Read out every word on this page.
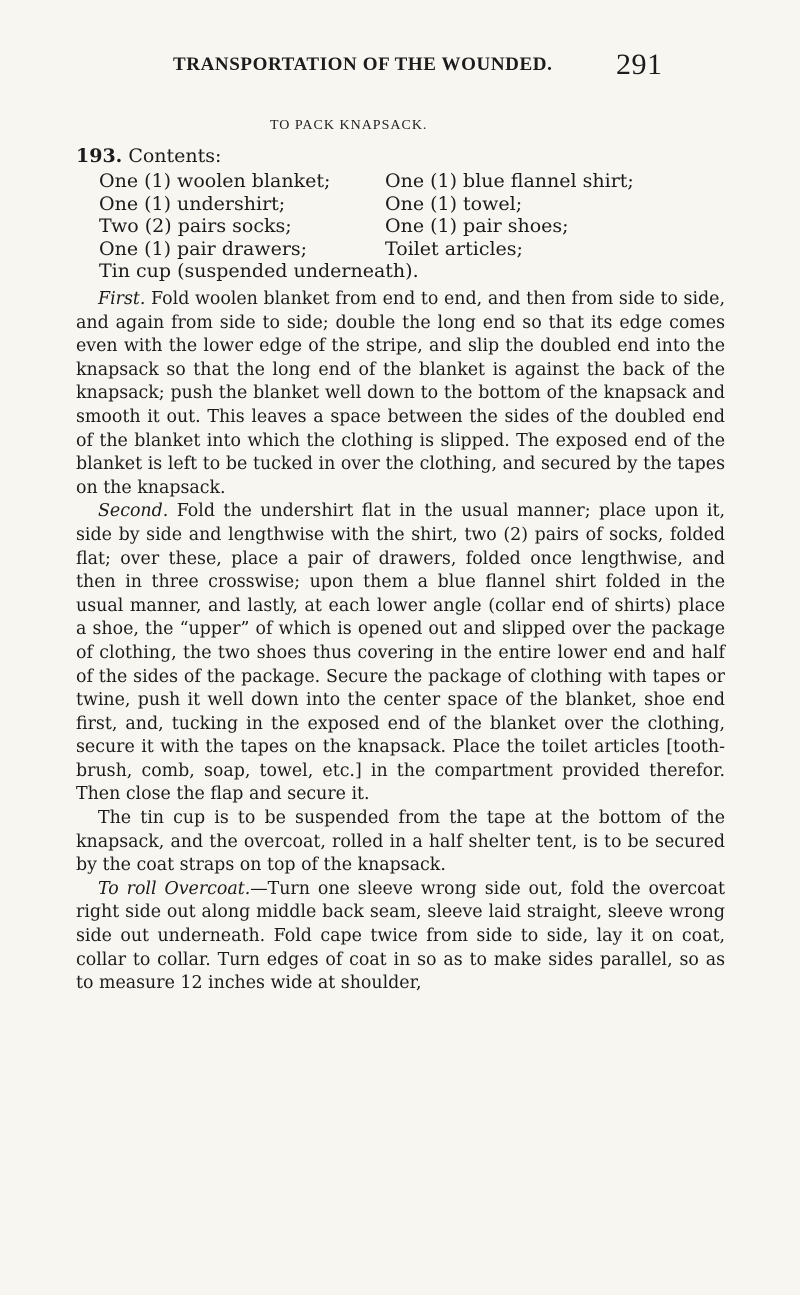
TRANSPORTATION OF THE WOUNDED. 291
TO PACK KNAPSACK.
193. Contents:
One (1) woolen blanket;
One (1) undershirt;
Two (2) pairs socks;
One (1) pair drawers;
One (1) blue flannel shirt;
One (1) towel;
One (1) pair shoes;
Toilet articles;
Tin cup (suspended underneath).

First. Fold woolen blanket from end to end, and then from side to side, and again from side to side; double the long end so that its edge comes even with the lower edge of the stripe, and slip the doubled end into the knapsack so that the long end of the blanket is against the back of the knapsack; push the blanket well down to the bottom of the knapsack and smooth it out. This leaves a space between the sides of the doubled end of the blanket into which the clothing is slipped. The exposed end of the blanket is left to be tucked in over the clothing, and secured by the tapes on the knapsack.

Second. Fold the undershirt flat in the usual manner; place upon it, side by side and lengthwise with the shirt, two (2) pairs of socks, folded flat; over these, place a pair of drawers, folded once lengthwise, and then in three crosswise; upon them a blue flannel shirt folded in the usual manner, and lastly, at each lower angle (collar end of shirts) place a shoe, the “upper” of which is opened out and slipped over the package of clothing, the two shoes thus covering in the entire lower end and half of the sides of the package. Secure the package of clothing with tapes or twine, push it well down into the center space of the blanket, shoe end first, and, tucking in the exposed end of the blanket over the clothing, secure it with the tapes on the knapsack. Place the toilet articles [toothbrush, comb, soap, towel, etc.] in the compartment provided therefor. Then close the flap and secure it.

The tin cup is to be suspended from the tape at the bottom of the knapsack, and the overcoat, rolled in a half shelter tent, is to be secured by the coat straps on top of the knapsack.

To roll Overcoat.—Turn one sleeve wrong side out, fold the overcoat right side out along middle back seam, sleeve laid straight, sleeve wrong side out underneath. Fold cape twice from side to side, lay it on coat, collar to collar. Turn edges of coat in so as to make sides parallel, so as to measure 12 inches wide at shoulder,
